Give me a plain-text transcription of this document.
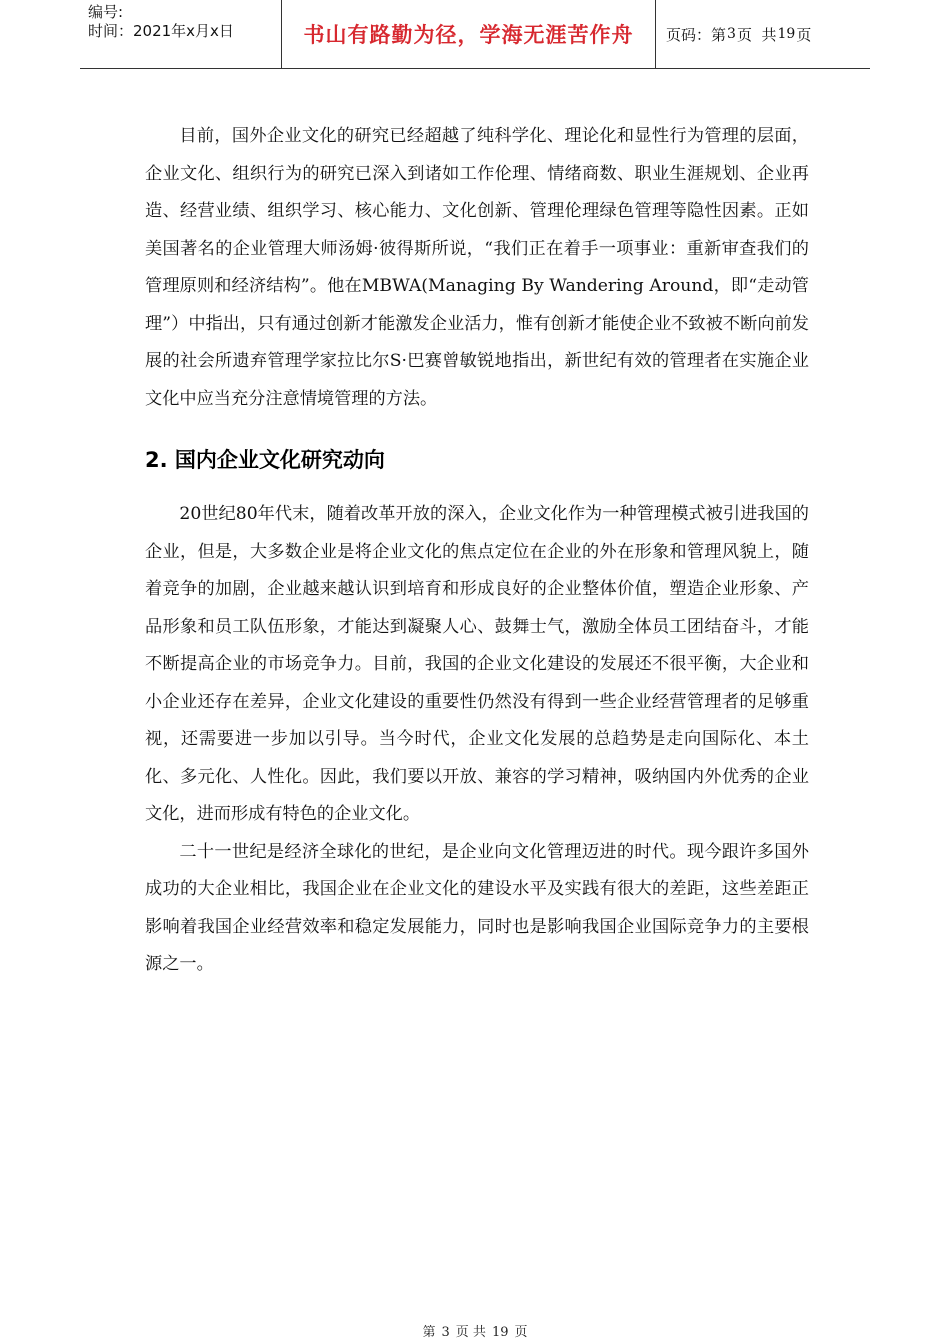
编号:
时间：2021年x月x日	书山有路勤为径，学海无涯苦作舟	页码：第 3 页  共 19 页

目前，国外企业文化的研究已经超越了纯科学化、理论化和显性行为管理的层面，企业文化、组织行为的研究已深入到诸如工作伦理、情绪商数、职业生涯规划、企业再造、经营业绩、组织学习、核心能力、文化创新、管理伦理绿色管理等隐性因素。正如美国著名的企业管理大师汤姆·彼得斯所说，“我们正在着手一项事业：重新审查我们的管理原则和经济结构”。他在MBWA(Managing By Wandering Around，即“走动管理”）中指出，只有通过创新才能激发企业活力，惟有创新才能使企业不致被不断向前发展的社会所遗弃管理学家拉比尔S·巴赛曾敏锐地指出，新世纪有效的管理者在实施企业文化中应当充分注意情境管理的方法。

2. 国内企业文化研究动向

20世纪80年代末，随着改革开放的深入，企业文化作为一种管理模式被引进我国的企业，但是，大多数企业是将企业文化的焦点定位在企业的外在形象和管理风貌上，随着竞争的加剧，企业越来越认识到培育和形成良好的企业整体价值，塑造企业形象、产品形象和员工队伍形象，才能达到凝聚人心、鼓舞士气，激励全体员工团结奋斗，才能不断提高企业的市场竞争力。目前，我国的企业文化建设的发展还不很平衡，大企业和小企业还存在差异，企业文化建设的重要性仍然没有得到一些企业经营管理者的足够重视，还需要进一步加以引导。当今时代，企业文化发展的总趋势是走向国际化、本土化、多元化、人性化。因此，我们要以开放、兼容的学习精神，吸纳国内外优秀的企业文化，进而形成有特色的企业文化。

二十一世纪是经济全球化的世纪，是企业向文化管理迈进的时代。现今跟许多国外成功的大企业相比，我国企业在企业文化的建设水平及实践有很大的差距，这些差距正影响着我国企业经营效率和稳定发展能力，同时也是影响我国企业国际竞争力的主要根源之一。

第 3 页 共 19 页
